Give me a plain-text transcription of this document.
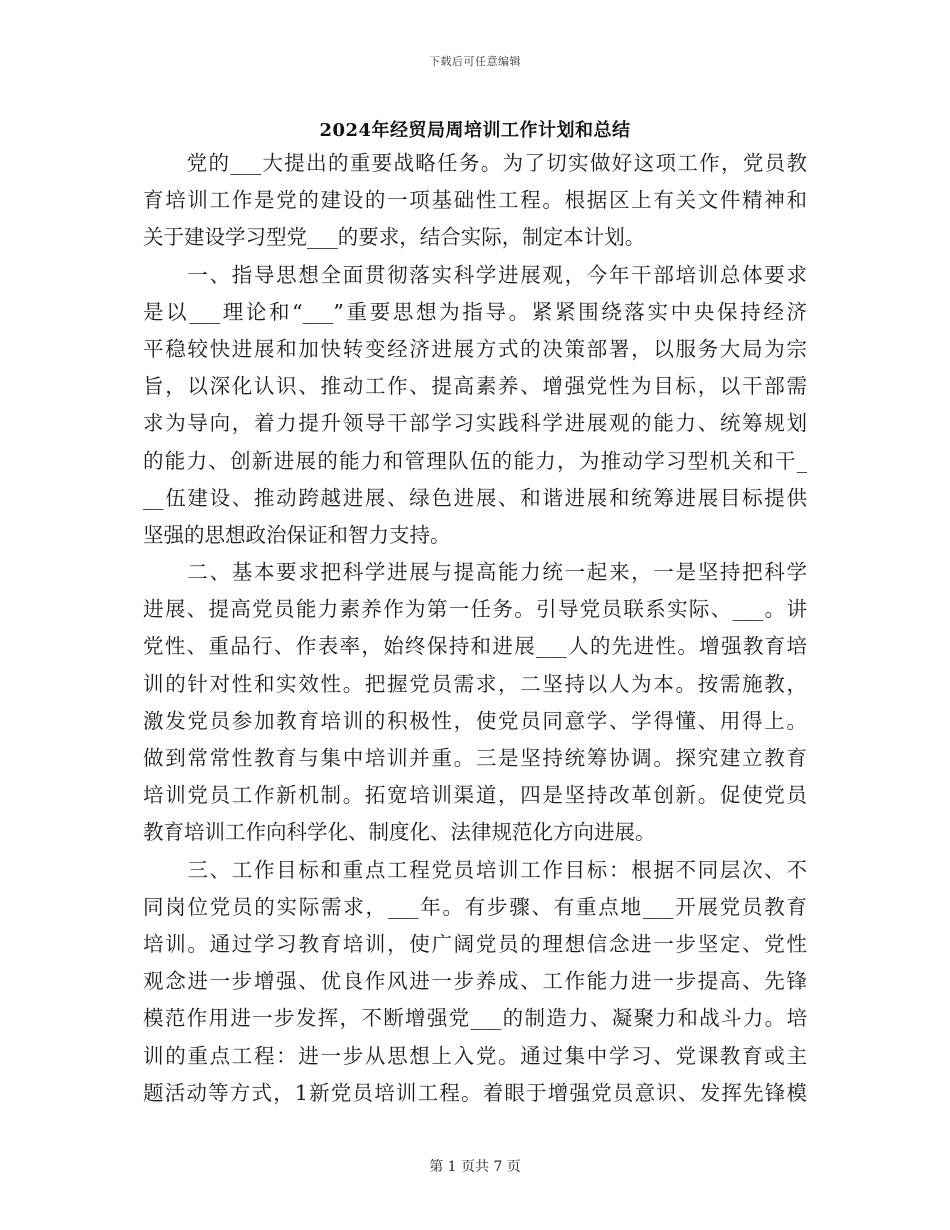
下载后可任意编辑
2024年经贸局周培训工作计划和总结
　　党的___大提出的重要战略任务。为了切实做好这项工作，党员教
育培训工作是党的建设的一项基础性工程。根据区上有关文件精神和
关于建设学习型党___的要求，结合实际，制定本计划。
　　一、指导思想全面贯彻落实科学进展观，今年干部培训总体要求
是以___理论和“___”重要思想为指导。紧紧围绕落实中央保持经济
平稳较快进展和加快转变经济进展方式的决策部署，以服务大局为宗
旨，以深化认识、推动工作、提高素养、增强党性为目标，以干部需
求为导向，着力提升领导干部学习实践科学进展观的能力、统筹规划
的能力、创新进展的能力和管理队伍的能力，为推动学习型机关和干_
__伍建设、推动跨越进展、绿色进展、和谐进展和统筹进展目标提供
坚强的思想政治保证和智力支持。
　　二、基本要求把科学进展与提高能力统一起来，一是坚持把科学
进展、提高党员能力素养作为第一任务。引导党员联系实际、___。讲
党性、重品行、作表率，始终保持和进展___人的先进性。增强教育培
训的针对性和实效性。把握党员需求，二坚持以人为本。按需施教，
激发党员参加教育培训的积极性，使党员同意学、学得懂、用得上。
做到常常性教育与集中培训并重。三是坚持统筹协调。探究建立教育
培训党员工作新机制。拓宽培训渠道，四是坚持改革创新。促使党员
教育培训工作向科学化、制度化、法律规范化方向进展。
　　三、工作目标和重点工程党员培训工作目标：根据不同层次、不
同岗位党员的实际需求，___年。有步骤、有重点地___开展党员教育
培训。通过学习教育培训，使广阔党员的理想信念进一步坚定、党性
观念进一步增强、优良作风进一步养成、工作能力进一步提高、先锋
模范作用进一步发挥，不断增强党___的制造力、凝聚力和战斗力。培
训的重点工程：进一步从思想上入党。通过集中学习、党课教育或主
题活动等方式，1新党员培训工程。着眼于增强党员意识、发挥先锋模
第 1 页共 7 页
